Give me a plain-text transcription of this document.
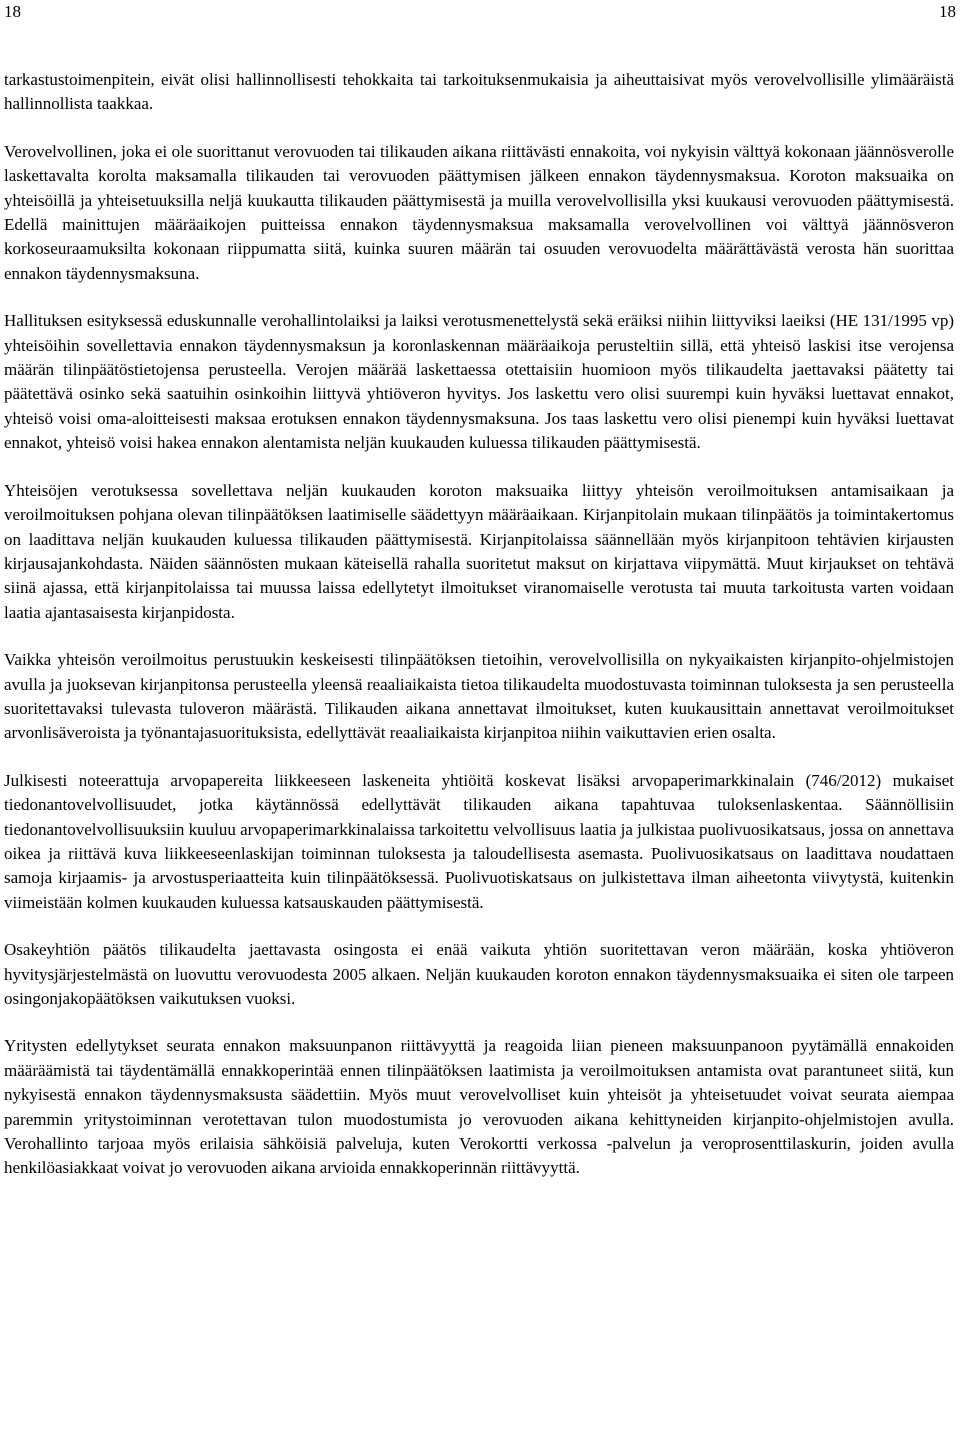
18	18

tarkastustoimenpitein, eivät olisi hallinnollisesti tehokkaita tai tarkoituksenmukaisia ja aiheuttaisivat myös verovelvollisille ylimääräistä hallinnollista taakkaa.

Verovelvollinen, joka ei ole suorittanut verovuoden tai tilikauden aikana riittävästi ennakoita, voi nykyisin välttyä kokonaan jäännösverolle laskettavalta korolta maksamalla tilikauden tai verovuoden päättymisen jälkeen ennakon täydennysmaksua. Koroton maksuaika on yhteisöillä ja yhteisetuuksilla neljä kuukautta tilikauden päättymisestä ja muilla verovelvollisilla yksi kuukausi verovuoden päättymisestä. Edellä mainittujen määräaikojen puitteissa ennakon täydennysmaksua maksamalla verovelvollinen voi välttyä jäännösveron korkoseuraamuksilta kokonaan riippumatta siitä, kuinka suuren määrän tai osuuden verovuodelta määrättävästä verosta hän suorittaa ennakon täydennysmaksuna.

Hallituksen esityksessä eduskunnalle verohallintolaiksi ja laiksi verotusmenettelystä sekä eräiksi niihin liittyviksi laeiksi (HE 131/1995 vp) yhteisöihin sovellettavia ennakon täydennysmaksun ja koronlaskennan määräaikoja perusteltiin sillä, että yhteisö laskisi itse verojensa määrän tilinpäätöstietojensa perusteella. Verojen määrää laskettaessa otettaisiin huomioon myös tilikaudelta jaettavaksi päätetty tai päätettävä osinko sekä saatuihin osinkoihin liittyvä yhtiöveron hyvitys. Jos laskettu vero olisi suurempi kuin hyväksi luettavat ennakot, yhteisö voisi oma-aloitteisesti maksaa erotuksen ennakon täydennysmaksuna. Jos taas laskettu vero olisi pienempi kuin hyväksi luettavat ennakot, yhteisö voisi hakea ennakon alentamista neljän kuukauden kuluessa tilikauden päättymisestä.

Yhteisöjen verotuksessa sovellettava neljän kuukauden koroton maksuaika liittyy yhteisön veroilmoituksen antamisaikaan ja veroilmoituksen pohjana olevan tilinpäätöksen laatimiselle säädettyyn määräaikaan. Kirjanpitolain mukaan tilinpäätös ja toimintakertomus on laadittava neljän kuukauden kuluessa tilikauden päättymisestä. Kirjanpitolaissa säännellään myös kirjanpitoon tehtävien kirjausten kirjausajankohdasta. Näiden säännösten mukaan käteisellä rahalla suoritetut maksut on kirjattava viipymättä. Muut kirjaukset on tehtävä siinä ajassa, että kirjanpitolaissa tai muussa laissa edellytetyt ilmoitukset viranomaiselle verotusta tai muuta tarkoitusta varten voidaan laatia ajantasaisesta kirjanpidosta.

Vaikka yhteisön veroilmoitus perustuukin keskeisesti tilinpäätöksen tietoihin, verovelvollisilla on nykyaikaisten kirjanpito-ohjelmistojen avulla ja juoksevan kirjanpitonsa perusteella yleensä reaaliaikaista tietoa tilikaudelta muodostuvasta toiminnan tuloksesta ja sen perusteella suoritettavaksi tulevasta tuloveron määrästä. Tilikauden aikana annettavat ilmoitukset, kuten kuukausittain annettavat veroilmoitukset arvonlisäveroista ja työnantajasuorituksista, edellyttävät reaaliaikaista kirjanpitoa niihin vaikuttavien erien osalta.

Julkisesti noteerattuja arvopapereita liikkeeseen laskeneita yhtiöitä koskevat lisäksi arvopaperimarkkinalain (746/2012) mukaiset tiedonantovelvollisuudet, jotka käytännössä edellyttävät tilikauden aikana tapahtuvaa tuloksenlaskentaa. Säännöllisiin tiedonantovelvollisuuksiin kuuluu arvopaperimarkkinalaissa tarkoitettu velvollisuus laatia ja julkistaa puolivuosikatsaus, jossa on annettava oikea ja riittävä kuva liikkeeseenlaskijan toiminnan tuloksesta ja taloudellisesta asemasta. Puolivuosikatsaus on laadittava noudattaen samoja kirjaamis- ja arvostusperiaatteita kuin tilinpäätöksessä. Puolivuotiskatsaus on julkistettava ilman aiheetonta viivytystä, kuitenkin viimeistään kolmen kuukauden kuluessa katsauskauden päättymisestä.

Osakeyhtiön päätös tilikaudelta jaettavasta osingosta ei enää vaikuta yhtiön suoritettavan veron määrään, koska yhtiöveron hyvitysjärjestelmästä on luovuttu verovuodesta 2005 alkaen. Neljän kuukauden koroton ennakon täydennysmaksuaika ei siten ole tarpeen osingonjakopäätöksen vaikutuksen vuoksi.

Yritysten edellytykset seurata ennakon maksuunpanon riittävyyttä ja reagoida liian pieneen maksuunpanoon pyytämällä ennakoiden määräämistä tai täydentämällä ennakkoperintää ennen tilinpäätöksen laatimista ja veroilmoituksen antamista ovat parantuneet siitä, kun nykyisestä ennakon täydennysmaksusta säädettiin. Myös muut verovelvolliset kuin yhteisöt ja yhteisetuudet voivat seurata aiempaa paremmin yritystoiminnan verotettavan tulon muodostumista jo verovuoden aikana kehittyneiden kirjanpito-ohjelmistojen avulla. Verohallinto tarjoaa myös erilaisia sähköisiä palveluja, kuten Verokortti verkossa -palvelun ja veroprosenttilaskurin, joiden avulla henkilöasiakkaat voivat jo verovuoden aikana arvioida ennakkoperinnän riittävyyttä.
